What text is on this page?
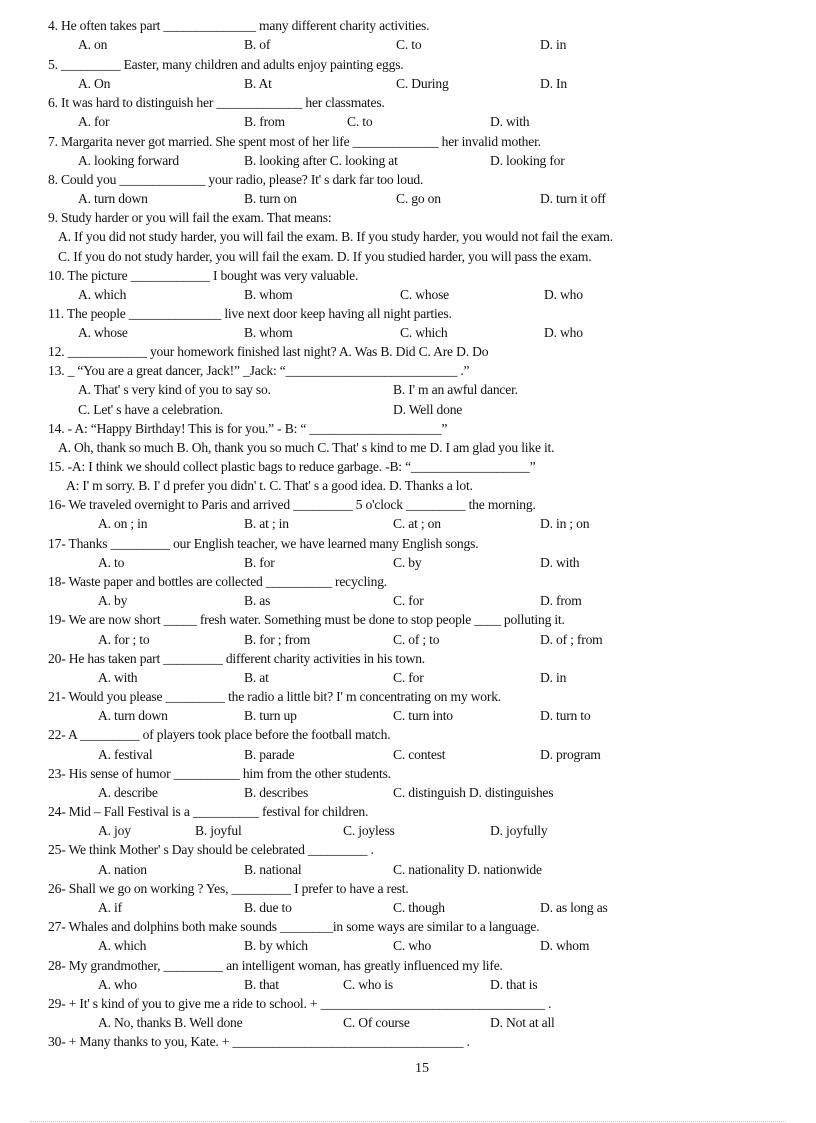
4. He often takes part ______________ many different charity activities.
A. on	B. of	C. to	D. in
5. _________ Easter, many children and adults enjoy painting eggs.
A. On	B. At	C. During	D. In
6. It was hard to distinguish her _____________ her classmates.
A. for	B. from	C. to	D. with
7. Margarita never got married. She spent most of her life _____________ her invalid mother.
A. looking forward	B. looking after C. looking at	D. looking for
8. Could you _____________ your radio, please? It' s dark far too loud.
A. turn down	B. turn on	C. go on	D. turn it off
9. Study harder or you will fail the exam. That means:
A. If you did not study harder, you will fail the exam. B. If you study harder, you would not fail the exam.
C. If you do not study harder, you will fail the exam. D. If you studied harder, you will pass the exam.
10. The picture ____________ I bought was very valuable.
A. which	B. whom	C. whose	D. who
11. The people ______________ live next door keep having all night parties.
A. whose	B. whom	C. which	D. who
12. ____________ your homework finished last night? A. Was B. Did C. Are D. Do
13. _ “You are a great dancer, Jack!” _Jack: “__________________________ .”
A. That' s very kind of you to say so.	B. I' m an awful dancer.
C. Let' s have a celebration.	D. Well done
14. - A: “Happy Birthday! This is for you.” - B: “ ____________________”
A. Oh, thank so much B. Oh, thank you so much C. That' s kind to me D. I am glad you like it.
15. -A: I think we should collect plastic bags to reduce garbage. -B: “__________________”
A: I' m sorry. B. I' d prefer you didn' t. C. That' s a good idea. D. Thanks a lot.
16- We traveled overnight to Paris and arrived _________ 5 o'clock _________ the morning.
A. on ; in	B. at ; in	C. at ; on	D. in ; on
17- Thanks _________ our English teacher, we have learned many English songs.
A. to	B. for	C. by	D. with
18- Waste paper and bottles are collected __________ recycling.
A. by	B. as	C. for	D. from
19- We are now short _____ fresh water. Something must be done to stop people ____ polluting it.
A. for ; to	B. for ; from	C. of ; to	D. of ; from
20- He has taken part _________ different charity activities in his town.
A. with	B. at	C. for	D. in
21- Would you please _________ the radio a little bit? I' m concentrating on my work.
A. turn down	B. turn up	C. turn into	D. turn to
22- A _________ of players took place before the football match.
A. festival	B. parade	C. contest	D. program
23- His sense of humor __________ him from the other students.
A. describe	B. describes	C. distinguish D. distinguishes
24- Mid – Fall Festival is a __________ festival for children.
A. joy	B. joyful	C. joyless	D. joyfully
25- We think Mother' s Day should be celebrated _________ .
A. nation	B. national	C. nationality D. nationwide
26- Shall we go on working ? Yes, _________ I prefer to have a rest.
A. if	B. due to	C. though	D. as long as
27- Whales and dolphins both make sounds ________in some ways are similar to a language.
A. which	B. by which	C. who	D. whom
28- My grandmother, _________ an intelligent woman, has greatly influenced my life.
A. who	B. that	C. who is	D. that is
29- + It' s kind of you to give me a ride to school. + __________________________________ .
A. No, thanks B. Well done	C. Of course	D. Not at all
30- + Many thanks to you, Kate. + ___________________________________ .
15
